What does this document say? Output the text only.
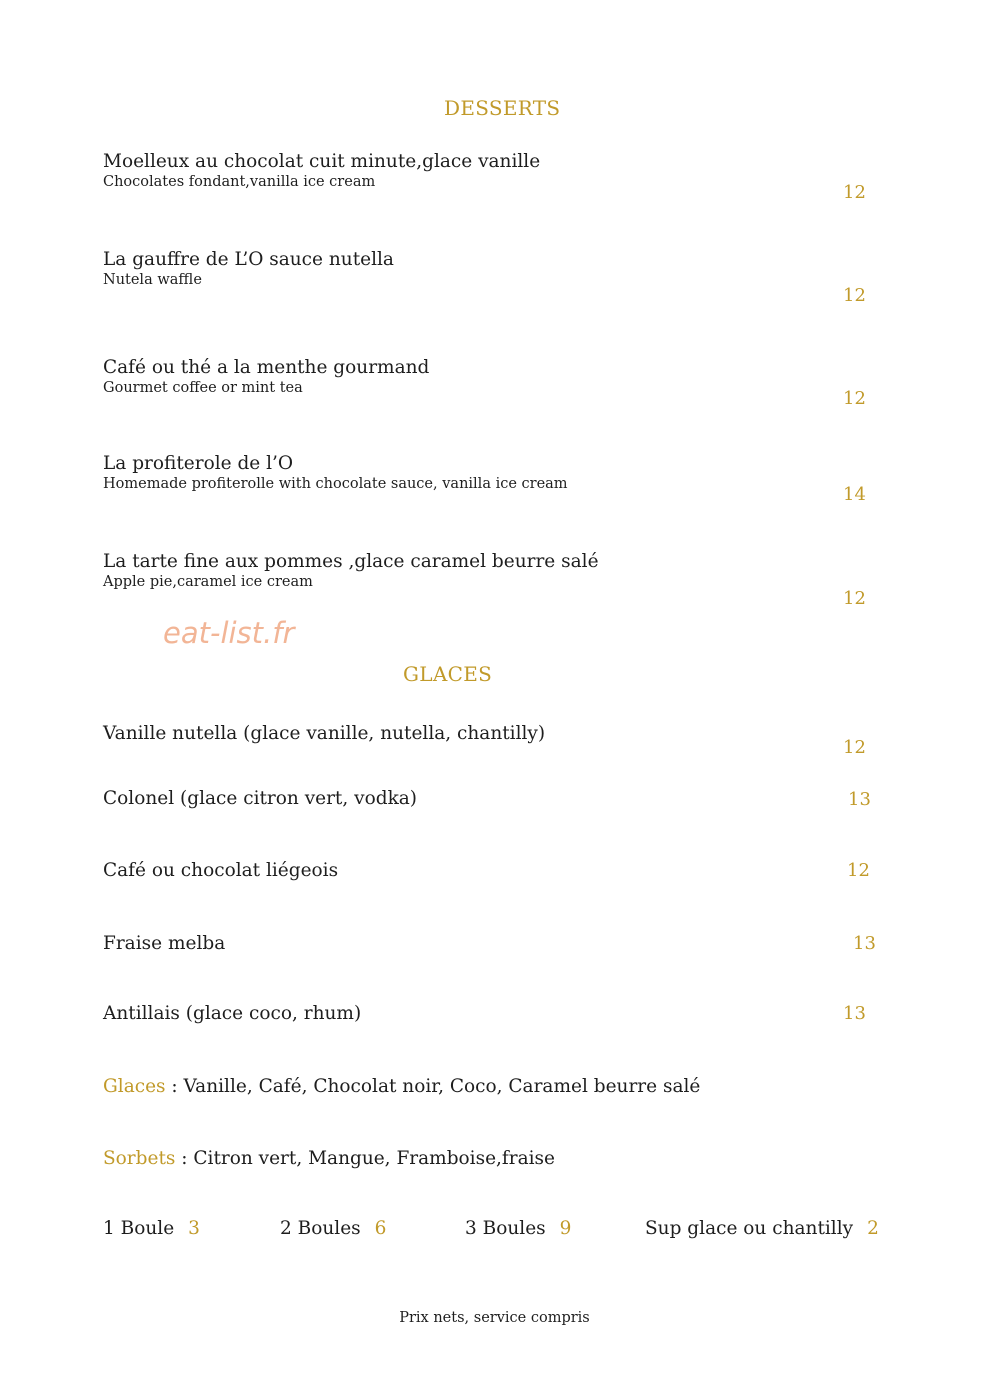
DESSERTS
Moelleux au chocolat cuit minute,glace vanille
Chocolates fondant,vanilla ice cream	12
La gauffre de L’O sauce nutella
Nutela waffle
12
Café ou thé a la menthe gourmand
Gourmet coffee or mint tea	12
La profiterole de l’O
Homemade profiterolle with chocolate sauce, vanilla ice cream	14
La tarte fine aux pommes ,glace caramel beurre salé
Apple pie,caramel ice cream
12
eat-list.fr
GLACES
Vanille nutella (glace vanille, nutella, chantilly)
12
Colonel (glace citron vert, vodka)	13
Café ou chocolat liégeois	12
Fraise melba	13
Antillais (glace coco, rhum)	13
Glaces : Vanille, Café, Chocolat noir, Coco, Caramel beurre salé
Sorbets : Citron vert, Mangue, Framboise,fraise
1 Boule 3	2 Boules 6	3 Boules 9	Sup glace ou chantilly 2
Prix nets, service compris
